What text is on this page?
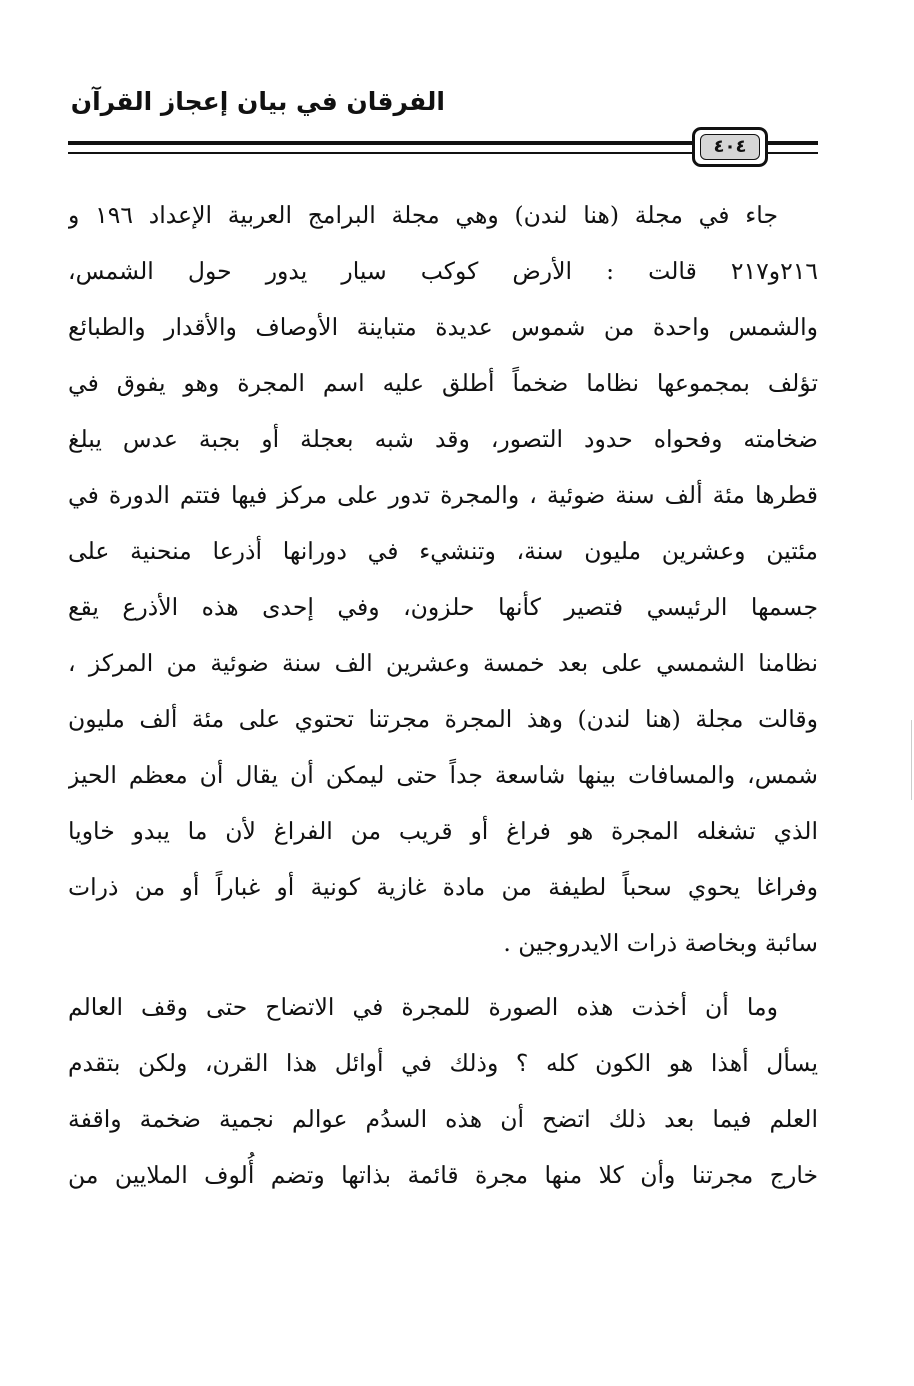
الفرقان في بيان إعجاز القرآن
٤٠٤
جاء في مجلة (هنا لندن) وهي مجلة البرامج العربية الإعداد ١٩٦ و
٢١٦و٢١٧ قالت : الأرض كوكب سيار يدور حول الشمس،
والشمس واحدة من شموس عديدة متباينة الأوصاف والأقدار والطبائع
تؤلف بمجموعها نظاما ضخماً أطلق عليه اسم المجرة وهو يفوق في
ضخامته وفحواه حدود التصور، وقد شبه بعجلة أو بجبة عدس يبلغ
قطرها مئة ألف سنة ضوئية ، والمجرة تدور على مركز فيها فتتم الدورة في
مئتين وعشرين مليون سنة، وتنشيء في دورانها أذرعا منحنية على
جسمها الرئيسي فتصير كأنها حلزون، وفي إحدى هذه الأذرع يقع
نظامنا الشمسي على بعد خمسة وعشرين الف سنة ضوئية من المركز ،
وقالت مجلة (هنا لندن) وهذ المجرة مجرتنا تحتوي على مئة ألف مليون
شمس، والمسافات بينها شاسعة جداً حتى ليمكن أن يقال أن معظم الحيز
الذي تشغله المجرة هو فراغ أو قريب من الفراغ لأن ما يبدو خاويا
وفراغا يحوي سحباً لطيفة من مادة غازية كونية أو غباراً أو من ذرات
سائبة وبخاصة ذرات الايدروجين .
وما أن أخذت هذه الصورة للمجرة في الاتضاح حتى وقف العالم
يسأل أهذا هو الكون كله ؟ وذلك في أوائل هذا القرن، ولكن بتقدم
العلم فيما بعد ذلك اتضح أن هذه السدُم عوالم نجمية ضخمة واقفة
خارج مجرتنا وأن كلا منها مجرة قائمة بذاتها وتضم أُلوف الملايين من
